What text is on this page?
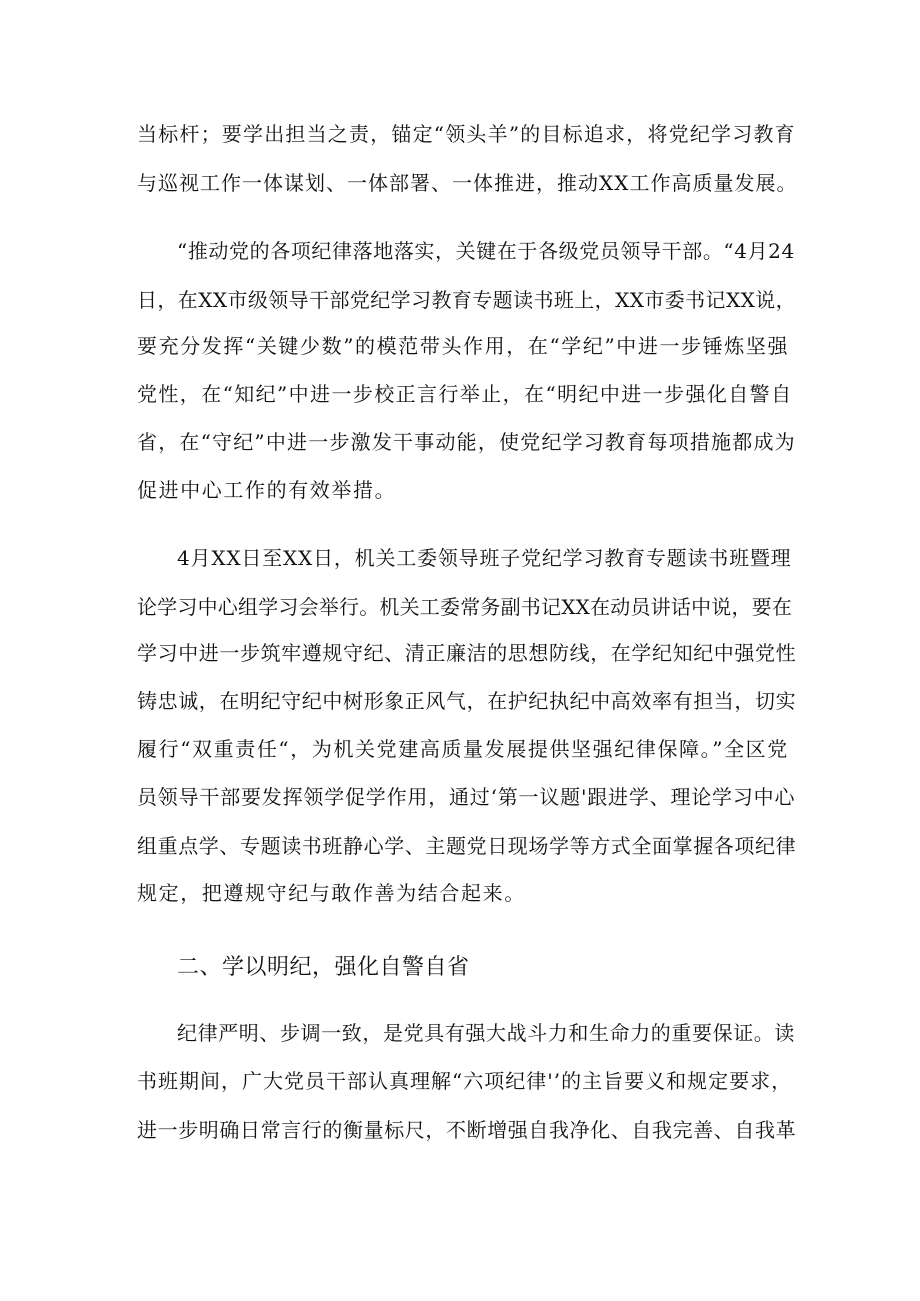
当标杆；要学出担当之责，锚定“领头羊”的目标追求，将党纪学习教育
与巡视工作一体谋划、一体部署、一体推进，推动XX工作高质量发展。
“推动党的各项纪律落地落实，关键在于各级党员领导干部。“4月24
日，在XX市级领导干部党纪学习教育专题读书班上，XX市委书记XX说，
要充分发挥“关键少数”的模范带头作用，在“学纪”中进一步锤炼坚强
党性，在“知纪”中进一步校正言行举止，在“明纪中进一步强化自警自
省，在“守纪”中进一步激发干事动能，使党纪学习教育每项措施都成为
促进中心工作的有效举措。
4月XX日至XX日，机关工委领导班子党纪学习教育专题读书班暨理
论学习中心组学习会举行。机关工委常务副书记XX在动员讲话中说，要在
学习中进一步筑牢遵规守纪、清正廉洁的思想防线，在学纪知纪中强党性
铸忠诚，在明纪守纪中树形象正风气，在护纪执纪中高效率有担当，切实
履行“双重责任“，为机关党建高质量发展提供坚强纪律保障。”全区党
员领导干部要发挥领学促学作用，通过‘第一议题'跟进学、理论学习中心
组重点学、专题读书班静心学、主题党日现场学等方式全面掌握各项纪律
规定，把遵规守纪与敢作善为结合起来。
二、学以明纪，强化自警自省
纪律严明、步调一致，是党具有强大战斗力和生命力的重要保证。读
书班期间，广大党员干部认真理解“六项纪律'’的主旨要义和规定要求，
进一步明确日常言行的衡量标尺，不断增强自我净化、自我完善、自我革
